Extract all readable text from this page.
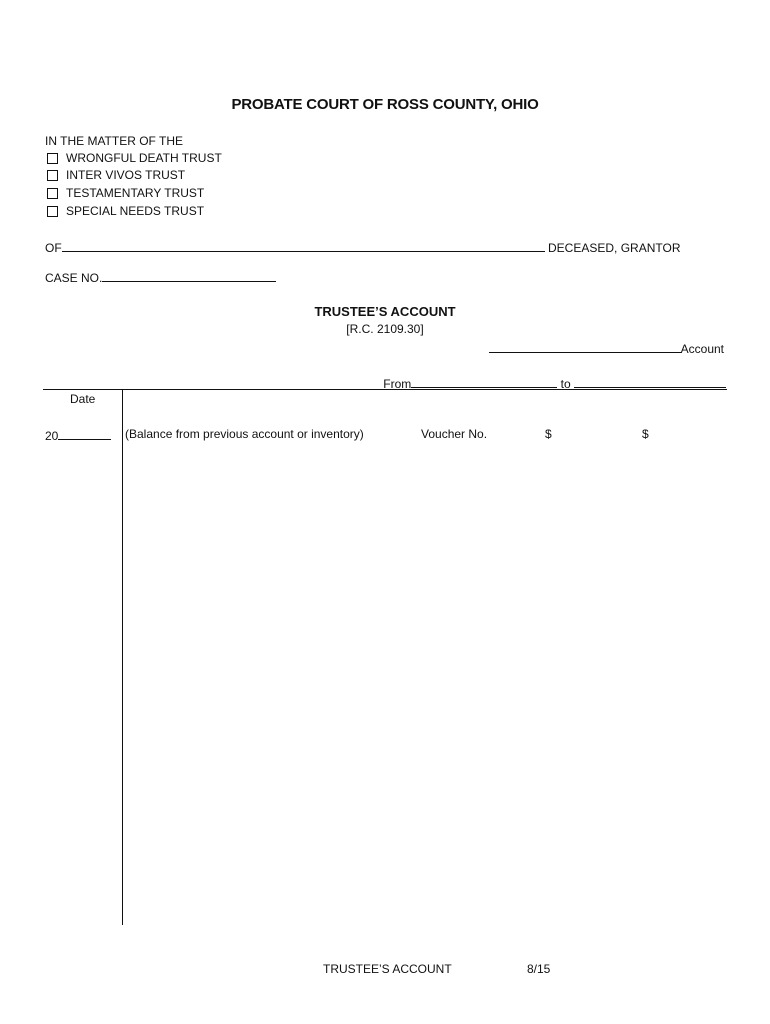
PROBATE COURT OF ROSS COUNTY, OHIO
IN THE MATTER OF THE
WRONGFUL DEATH TRUST
INTER VIVOS TRUST
TESTAMENTARY TRUST
SPECIAL NEEDS TRUST
OF	DECEASED, GRANTOR
CASE NO.
TRUSTEE’S ACCOUNT
[R.C. 2109.30]
Account
From	to
Date
20	(Balance from previous account or inventory)	Voucher No.	$	$
TRUSTEE’S ACCOUNT	8/15
